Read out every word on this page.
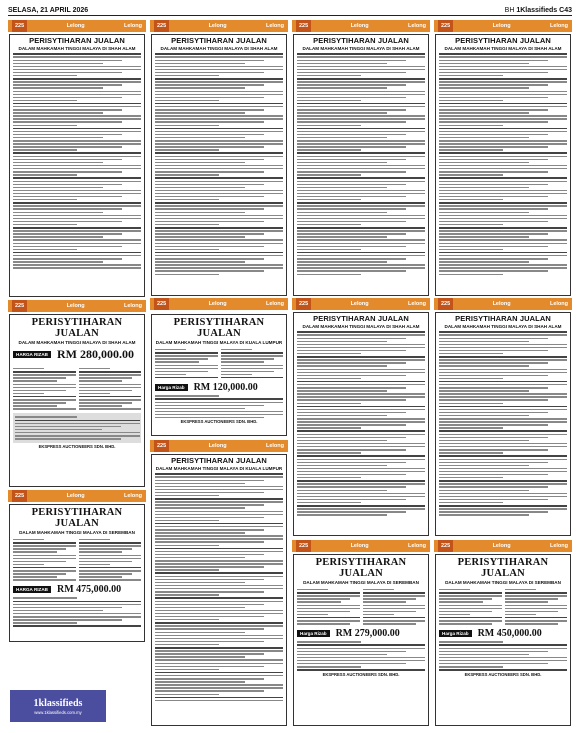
SELASA, 21 APRIL 2026	BH 1Klassifieds C43
225	Lelong	Lelong
PERISYTIHARAN JUALAN
DALAM MAHKAMAH TINGGI MALAYA DI SHAH ALAM
225	Lelong	Lelong
PERISYTIHARAN JUALAN
DALAM MAHKAMAH TINGGI MALAYA DI SHAH ALAM
HARGA RIZAB RM 280,000.00
EKSPRESS AUCTIONEERS SDN. BHD.
225	Lelong	Lelong
PERISYTIHARAN JUALAN
DALAM MAHKAMAH TINGGI MALAYA DI SEREMBAN
HARGA RIZAB RM 475,000.00
1klassifieds
www.1klassifieds.com.my
225	Lelong	Lelong
PERISYTIHARAN JUALAN
DALAM MAHKAMAH TINGGI MALAYA DI SHAH ALAM
225	Lelong	Lelong
PERISYTIHARAN JUALAN
DALAM MAHKAMAH TINGGI MALAYA DI SHAH ALAM
225	Lelong	Lelong
PERISYTIHARAN JUALAN
DALAM MAHKAMAH TINGGI MALAYA DI SHAH ALAM
225	Lelong	Lelong
PERISYTIHARAN JUALAN
DALAM MAHKAMAH TINGGI MALAYA DI KUALA LUMPUR
Harga Rizab RM 120,000.00
EKSPRESS AUCTIONEERS SDN. BHD.
225	Lelong	Lelong
PERISYTIHARAN JUALAN
DALAM MAHKAMAH TINGGI MALAYA DI KUALA LUMPUR
225	Lelong	Lelong
PERISYTIHARAN JUALAN
DALAM MAHKAMAH TINGGI MALAYA DI SHAH ALAM
225	Lelong	Lelong
PERISYTIHARAN JUALAN
DALAM MAHKAMAH TINGGI MALAYA DI SEREMBAN
Harga Rizab RM 279,000.00
EKSPRESS AUCTIONEERS SDN. BHD.
225	Lelong	Lelong
PERISYTIHARAN JUALAN
DALAM MAHKAMAH TINGGI MALAYA DI SHAH ALAM
225	Lelong	Lelong
PERISYTIHARAN JUALAN
DALAM MAHKAMAH TINGGI MALAYA DI SEREMBAN
Harga Rizab RM 450,000.00
EKSPRESS AUCTIONEERS SDN. BHD.
